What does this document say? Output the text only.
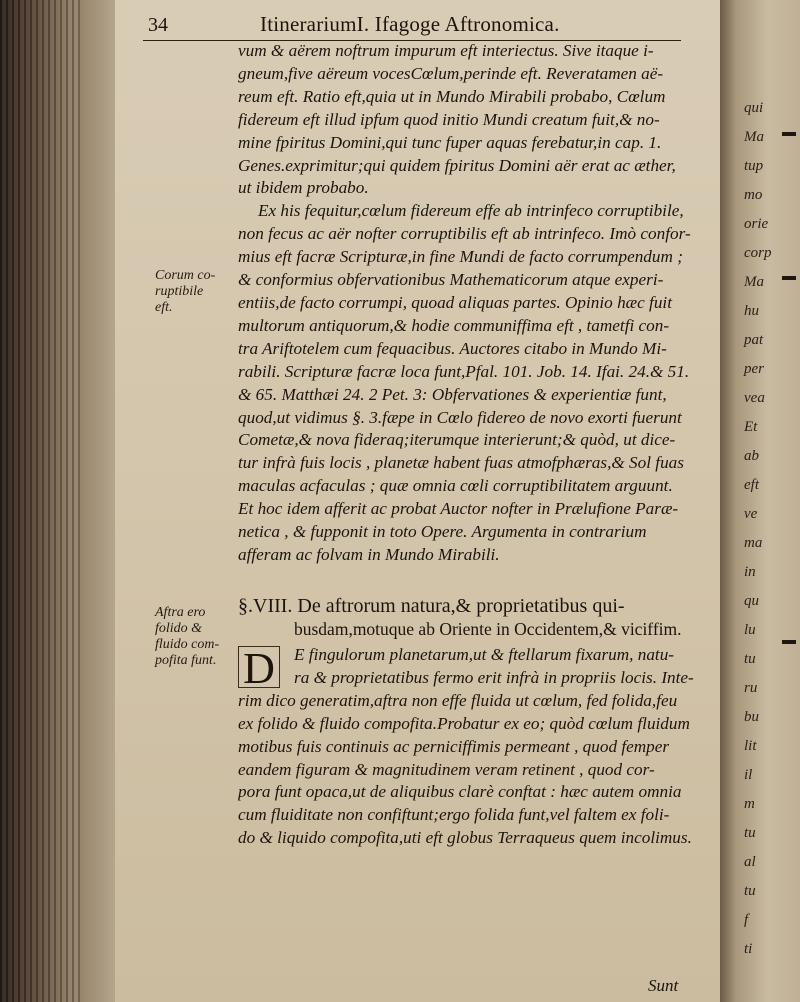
qui
Ma
tup
mo
orie
corp
Ma
hu
pat
per
vea
Et
ab
eft
ve
ma
in
qu
lu
tu
ru
bu
lit
il
m
tu
al
tu
f
ti
34	ItinerariumI. Ifagoge Aftronomica.
Corum co-
ruptibile
eft.
Aftra ero
folido &
fluido com-
pofita funt.
vum & aërem noftrum impurum eft interiectus. Sive itaque i-
gneum,five aëreum vocesCœlum,perinde eft. Reveratamen aë-
reum eft. Ratio eft,quia ut in Mundo Mirabili probabo, Cœlum
fidereum eft illud ipfum quod initio Mundi creatum fuit,& no-
mine fpiritus Domini,qui tunc fuper aquas ferebatur,in cap. 1.
Genes.exprimitur;qui quidem fpiritus Domini aër erat ac æther,
ut ibidem probabo.
Ex his fequitur,cœlum fidereum effe ab intrinfeco corruptibile,
non fecus ac aër nofter corruptibilis eft ab intrinfeco. Imò confor-
mius eft facræ Scripturæ,in fine Mundi de facto corrumpendum ;
& conformius obfervationibus Mathematicorum atque experi-
entiis,de facto corrumpi, quoad aliquas partes. Opinio hæc fuit
multorum antiquorum,& hodie communiffima eft , tametfi con-
tra Ariftotelem cum fequacibus. Auctores citabo in Mundo Mi-
rabili. Scripturæ facræ loca funt,Pfal. 101. Job. 14. Ifai. 24.& 51.
& 65. Matthæi 24. 2 Pet. 3: Obfervationes & experientiæ funt,
quod,ut vidimus §. 3.fæpe in Cœlo fidereo de novo exorti fuerunt
Cometæ,& nova fideraq;iterumque interierunt;& quòd, ut dice-
tur infrà fuis locis , planetæ habent fuas atmofphæras,& Sol fuas
maculas acfaculas ; quæ omnia cœli corruptibilitatem arguunt.
Et hoc idem afferit ac probat Auctor nofter in Prælufione Paræ-
netica , & fupponit in toto Opere. Argumenta in contrarium
afferam ac folvam in Mundo Mirabili.
§.VIII. De aftrorum natura,& proprietatibus qui-
busdam,motuque ab Oriente in Occidentem,& viciffim.
D	E fingulorum planetarum,ut & ftellarum fixarum, natu-
ra & proprietatibus fermo erit infrà in propriis locis. Inte-
rim dico generatim,aftra non effe fluida ut cœlum, fed folida,feu
ex folido & fluido compofita.Probatur ex eo; quòd cœlum fluidum
motibus fuis continuis ac perniciffimis permeant , quod femper
eandem figuram & magnitudinem veram retinent , quod cor-
pora funt opaca,ut de aliquibus clarè conftat : hæc autem omnia
cum fluiditate non confiftunt;ergo folida funt,vel faltem ex foli-
do & liquido compofita,uti eft globus Terraqueus quem incolimus.
Sunt
